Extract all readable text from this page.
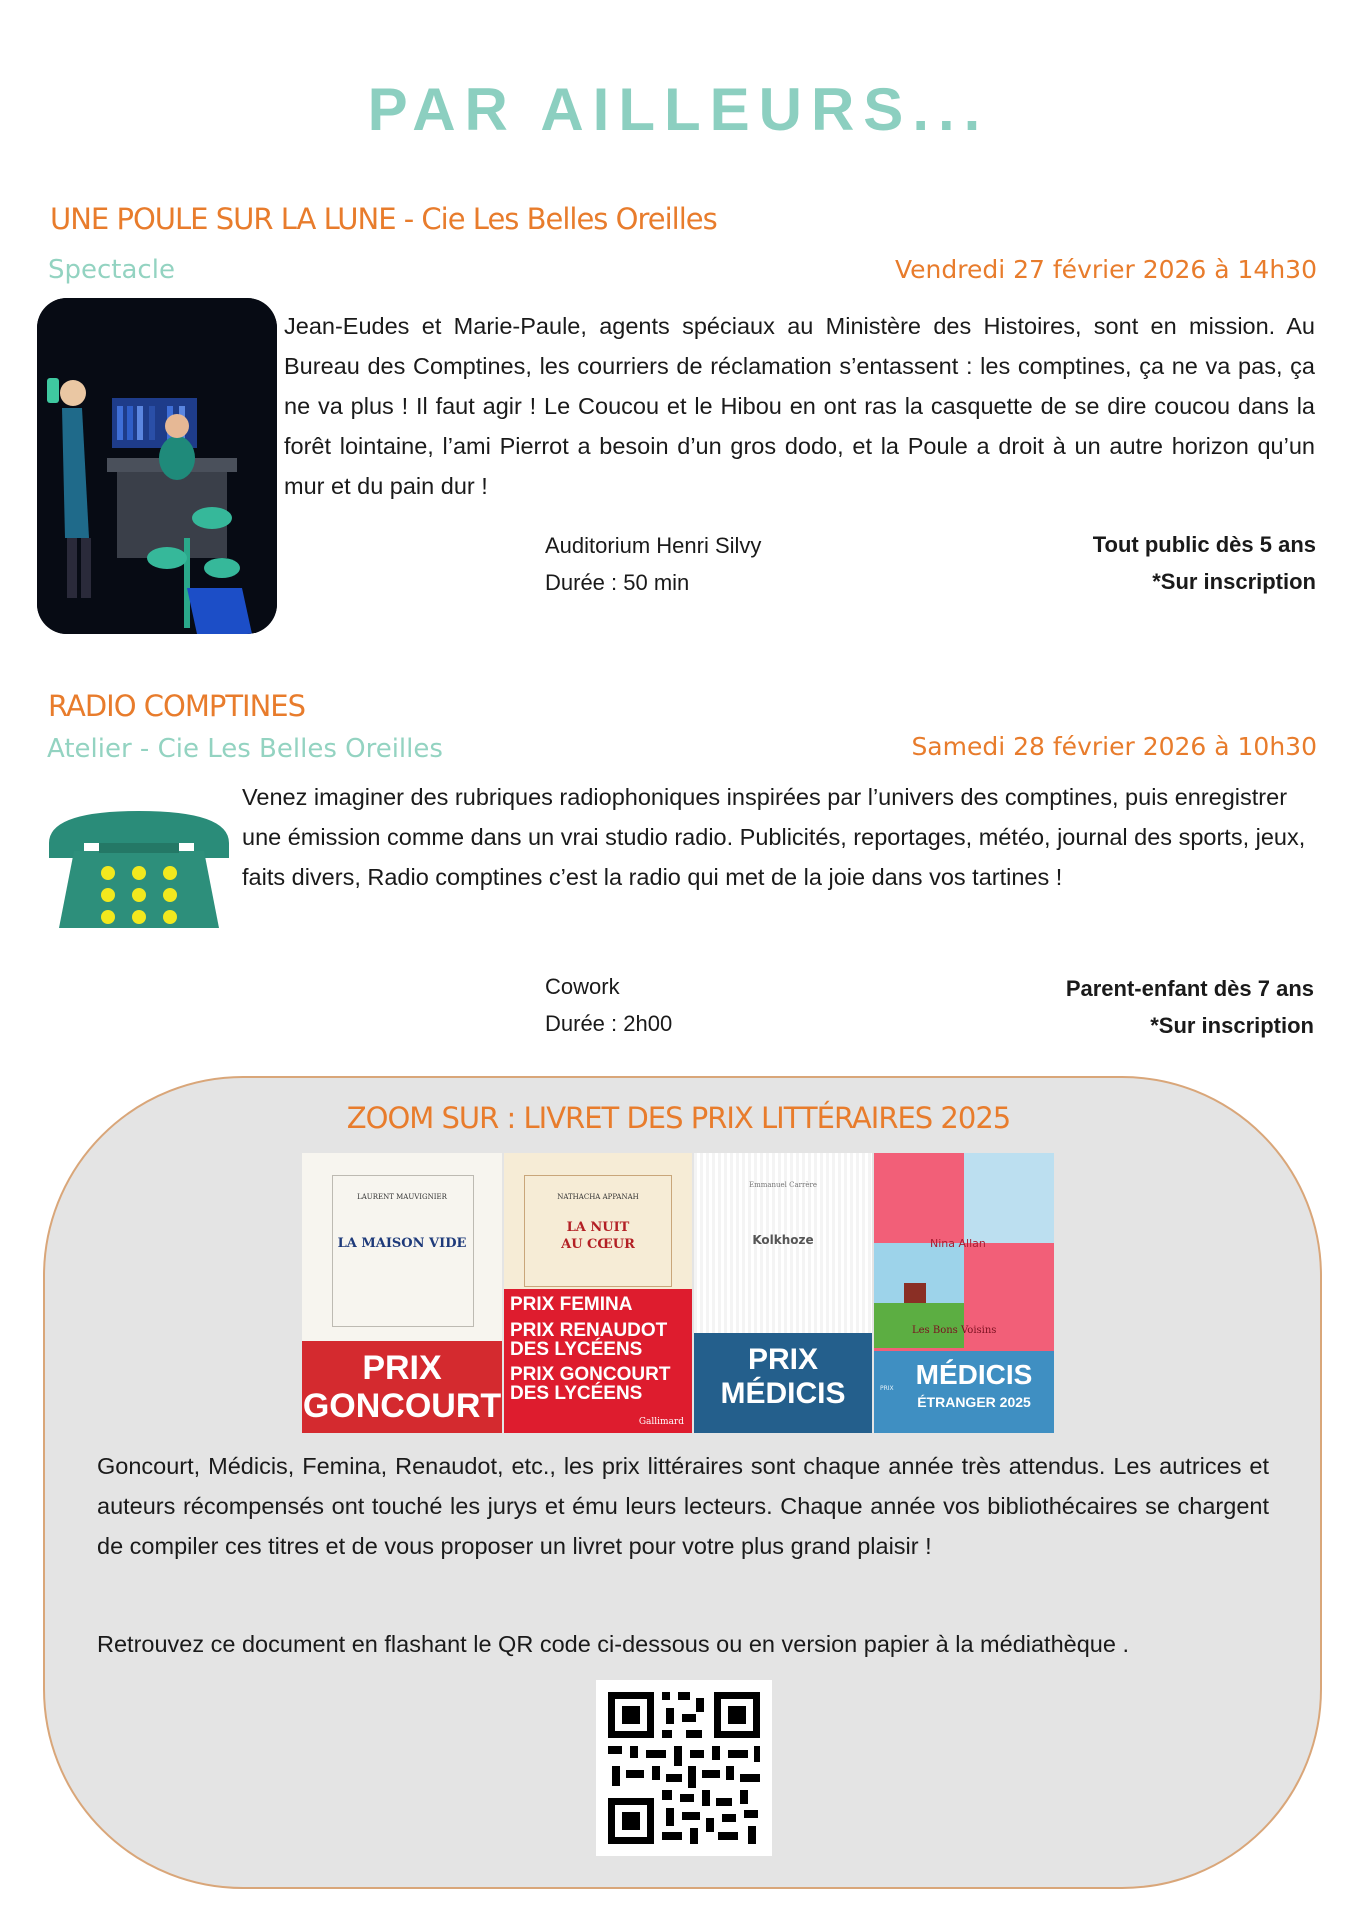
PAR AILLEURS...
UNE POULE SUR LA LUNE - Cie Les Belles Oreilles
Spectacle	Vendredi 27 février 2026 à 14h30
Jean-Eudes et Marie-Paule, agents spéciaux au Ministère des Histoires, sont en mission. Au Bureau des Comptines, les courriers de réclamation s’entassent : les comptines, ça ne va pas, ça ne va plus ! Il faut agir ! Le Coucou et le Hibou en ont ras la casquette de se dire coucou dans la forêt lointaine, l’ami Pierrot a besoin d’un gros dodo, et la Poule a droit à un autre horizon qu’un mur et du pain dur !
Auditorium Henri Silvy
Durée : 50 min
Tout public dès 5 ans
*Sur inscription
RADIO COMPTINES
Atelier - Cie Les Belles Oreilles	Samedi 28 février 2026 à 10h30
Venez imaginer des rubriques radiophoniques inspirées par l’univers des comptines, puis enregistrer une émission comme dans un vrai studio radio. Publicités, reportages, météo, journal des sports, jeux, faits divers, Radio comptines c’est la radio qui met de la joie dans vos tartines !
Cowork
Durée : 2h00
Parent-enfant dès 7 ans
*Sur inscription
ZOOM SUR : LIVRET DES PRIX LITTÉRAIRES 2025
LAURENT MAUVIGNIER
LA MAISON VIDE
PRIX
GONCOURT
NATHACHA APPANAH
LA NUIT AU CŒUR
PRIX FEMINA
PRIX RENAUDOT
DES LYCÉENS
PRIX GONCOURT
DES LYCÉENS
Gallimard
Emmanuel Carrère
Kolkhoze
PRIX
MÉDICIS
Nina Allan
Les Bons Voisins
PRIX MÉDICIS
ÉTRANGER 2025
Goncourt, Médicis, Femina, Renaudot, etc., les prix littéraires sont chaque année très attendus. Les autrices et auteurs récompensés ont touché les jurys et ému leurs lecteurs. Chaque année vos bibliothécaires se chargent de compiler ces titres et de vous proposer un livret pour votre plus grand plaisir !
Retrouvez ce document en flashant le QR code ci-dessous ou en version papier à la médiathèque .
